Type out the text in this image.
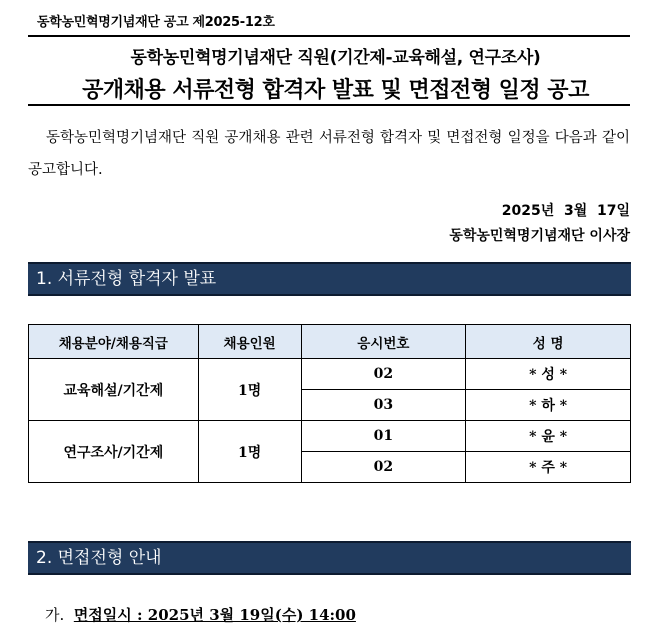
동학농민혁명기념재단 공고 제2025-12호
동학농민혁명기념재단 직원(기간제-교육해설, 연구조사)
공개채용 서류전형 합격자 발표 및 면접전형 일정 공고
동학농민혁명기념재단 직원 공개채용 관련 서류전형 합격자 및 면접전형 일정을 다음과 같이 공고합니다.
2025년  3월  17일
동학농민혁명기념재단 이사장
1. 서류전형 합격자 발표
채용분야/채용직급	채용인원	응시번호	성 명
교육해설/기간제	1명	02	* 성 *
		03	* 하 *
연구조사/기간제	1명	01	* 윤 *
		02	* 주 *
2. 면접전형 안내
가. 면접일시 : 2025년 3월 19일(수) 14:00
